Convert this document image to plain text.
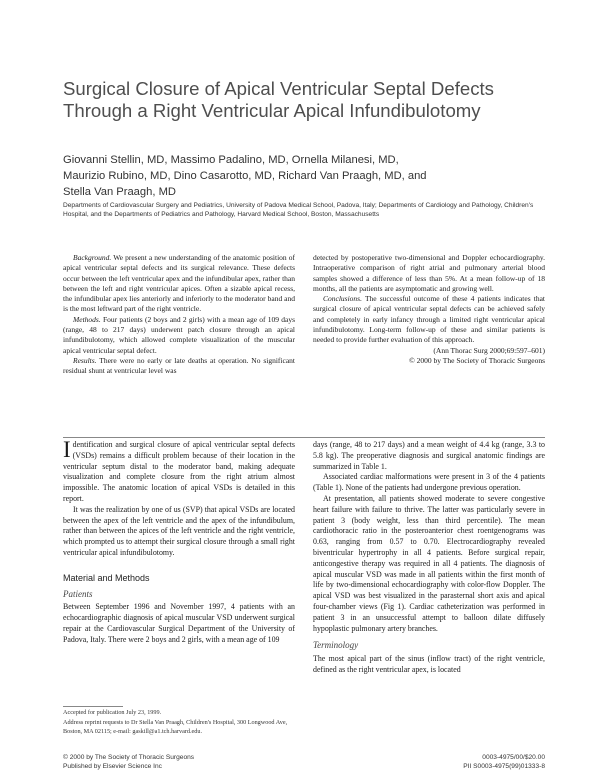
Surgical Closure of Apical Ventricular Septal Defects Through a Right Ventricular Apical Infundibulotomy
Giovanni Stellin, MD, Massimo Padalino, MD, Ornella Milanesi, MD,
Maurizio Rubino, MD, Dino Casarotto, MD, Richard Van Praagh, MD, and
Stella Van Praagh, MD
Departments of Cardiovascular Surgery and Pediatrics, University of Padova Medical School, Padova, Italy; Departments of Cardiology and Pathology, Children's Hospital, and the Departments of Pediatrics and Pathology, Harvard Medical School, Boston, Massachusetts

Background. We present a new understanding of the anatomic position of apical ventricular septal defects and its surgical relevance. These defects occur between the left ventricular apex and the infundibular apex, rather than between the left and right ventricular apices. Often a sizable apical recess, the infundibular apex lies anteriorly and inferiorly to the moderator band and is the most leftward part of the right ventricle.

Methods. Four patients (2 boys and 2 girls) with a mean age of 109 days (range, 48 to 217 days) underwent patch closure through an apical infundibulotomy, which allowed complete visualization of the muscular apical ventricular septal defect.

Results. There were no early or late deaths at operation. No significant residual shunt at ventricular level was

detected by postoperative two-dimensional and Doppler echocardiography. Intraoperative comparison of right atrial and pulmonary arterial blood samples showed a difference of less than 5%. At a mean follow-up of 18 months, all the patients are asymptomatic and growing well.

Conclusions. The successful outcome of these 4 patients indicates that surgical closure of apical ventricular septal defects can be achieved safely and completely in early infancy through a limited right ventricular apical infundibulotomy. Long-term follow-up of these and similar patients is needed to provide further evaluation of this approach.

(Ann Thorac Surg 2000;69:597–601)

© 2000 by The Society of Thoracic Surgeons

Identification and surgical closure of apical ventricular septal defects (VSDs) remains a difficult problem because of their location in the ventricular septum distal to the moderator band, making adequate visualization and complete closure from the right atrium almost impossible. The anatomic location of apical VSDs is detailed in this report.

It was the realization by one of us (SVP) that apical VSDs are located between the apex of the left ventricle and the apex of the infundibulum, rather than between the apices of the left ventricle and the right ventricle, which prompted us to attempt their surgical closure through a small right ventricular apical infundibulotomy.

Material and Methods
Patients

Between September 1996 and November 1997, 4 patients with an echocardiographic diagnosis of apical muscular VSD underwent surgical repair at the Cardiovascular Surgical Department of the University of Padova, Italy. There were 2 boys and 2 girls, with a mean age of 109

days (range, 48 to 217 days) and a mean weight of 4.4 kg (range, 3.3 to 5.8 kg). The preoperative diagnosis and surgical anatomic findings are summarized in Table 1.

Associated cardiac malformations were present in 3 of the 4 patients (Table 1). None of the patients had undergone previous operation.

At presentation, all patients showed moderate to severe congestive heart failure with failure to thrive. The latter was particularly severe in patient 3 (body weight, less than third percentile). The mean cardiothoracic ratio in the posteroanterior chest roentgenograms was 0.63, ranging from 0.57 to 0.70. Electrocardiography revealed biventricular hypertrophy in all 4 patients. Before surgical repair, anticongestive therapy was required in all 4 patients. The diagnosis of apical muscular VSD was made in all patients within the first month of life by two-dimensional echocardiography with color-flow Doppler. The apical VSD was best visualized in the parasternal short axis and apical four-chamber views (Fig 1). Cardiac catheterization was performed in patient 3 in an unsuccessful attempt to balloon dilate diffusely hypoplastic pulmonary artery branches.

Terminology

The most apical part of the sinus (inflow tract) of the right ventricle, defined as the right ventricular apex, is located

Accepted for publication July 23, 1999.

Address reprint requests to Dr Stella Van Praagh, Children's Hospital, 300 Longwood Ave, Boston, MA 02115; e-mail: gaskill@a1.tch.harvard.edu.

© 2000 by The Society of Thoracic Surgeons
Published by Elsevier Science Inc
0003-4975/00/$20.00
PII S0003-4975(99)01333-8
